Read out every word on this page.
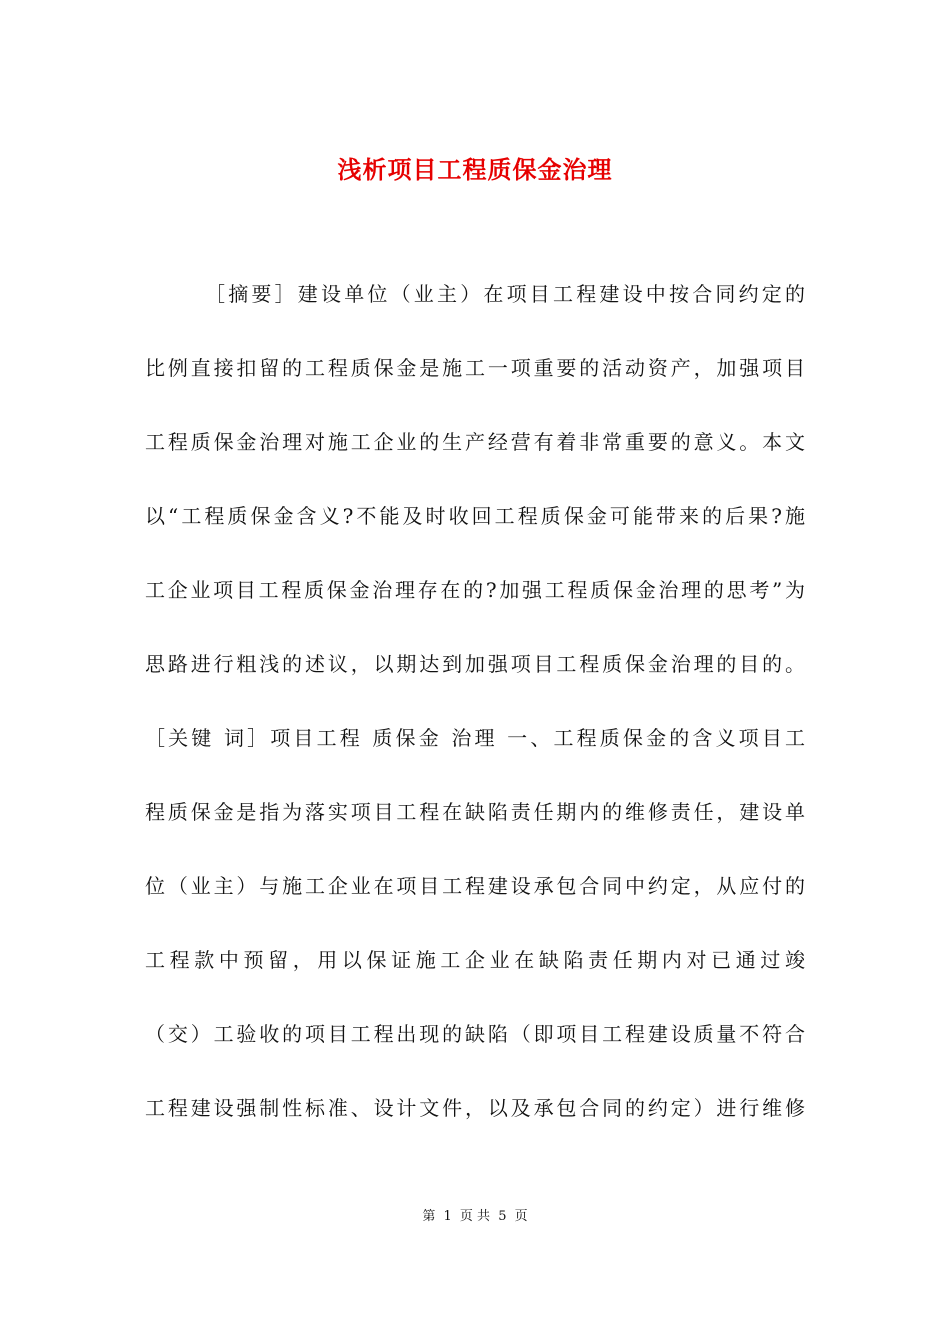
浅析项目工程质保金治理
［摘要］建设单位（业主）在项目工程建设中按合同约定的
比例直接扣留的工程质保金是施工一项重要的活动资产，加强项目
工程质保金治理对施工企业的生产经营有着非常重要的意义。本文
以“工程质保金含义?不能及时收回工程质保金可能带来的后果?施
工企业项目工程质保金治理存在的?加强工程质保金治理的思考”为
思路进行粗浅的述议，以期达到加强项目工程质保金治理的目的。
［关键 词］项目工程 质保金 治理 一、工程质保金的含义项目工
程质保金是指为落实项目工程在缺陷责任期内的维修责任，建设单
位（业主）与施工企业在项目工程建设承包合同中约定，从应付的
工程款中预留，用以保证施工企业在缺陷责任期内对已通过竣
（交）工验收的项目工程出现的缺陷（即项目工程建设质量不符合
工程建设强制性标准、设计文件，以及承包合同的约定）进行维修
第 1 页 共 5 页
